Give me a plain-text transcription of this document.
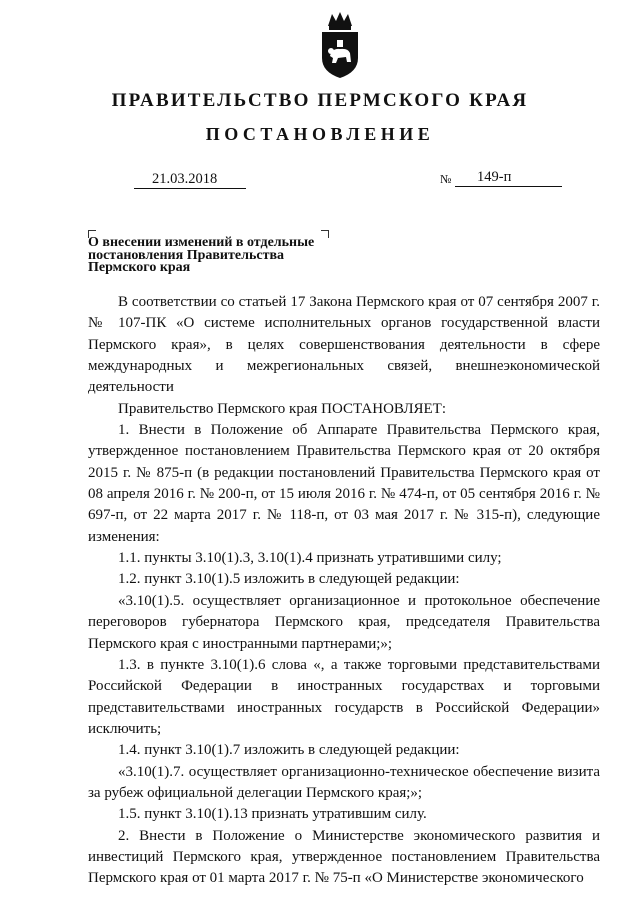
ПРАВИТЕЛЬСТВО ПЕРМСКОГО КРАЯ
ПОСТАНОВЛЕНИЕ
21.03.2018	№	149-п
О внесении изменений в отдельные постановления Правительства Пермского края

В соответствии со статьей 17 Закона Пермского края от 07 сентября 2007 г. № 107-ПК «О системе исполнительных органов государственной власти Пермского края», в целях совершенствования деятельности в сфере международных и межрегиональных связей, внешнеэкономической деятельности

Правительство Пермского края ПОСТАНОВЛЯЕТ:

1. Внести в Положение об Аппарате Правительства Пермского края, утвержденное постановлением Правительства Пермского края от 20 октября 2015 г. № 875-п (в редакции постановлений Правительства Пермского края от 08 апреля 2016 г. № 200-п, от 15 июля 2016 г. № 474-п, от 05 сентября 2016 г. № 697-п, от 22 марта 2017 г. № 118-п, от 03 мая 2017 г. № 315-п), следующие изменения:

1.1. пункты 3.10(1).3, 3.10(1).4 признать утратившими силу;

1.2. пункт 3.10(1).5 изложить в следующей редакции:

«3.10(1).5. осуществляет организационное и протокольное обеспечение переговоров губернатора Пермского края, председателя Правительства Пермского края с иностранными партнерами;»;

1.3. в пункте 3.10(1).6 слова «, а также торговыми представительствами Российской Федерации в иностранных государствах и торговыми представительствами иностранных государств в Российской Федерации» исключить;

1.4. пункт 3.10(1).7 изложить в следующей редакции:

«3.10(1).7. осуществляет организационно-техническое обеспечение визита за рубеж официальной делегации Пермского края;»;

1.5. пункт 3.10(1).13 признать утратившим силу.

2. Внести в Положение о Министерстве экономического развития и инвестиций Пермского края, утвержденное постановлением Правительства Пермского края от 01 марта 2017 г. № 75-п «О Министерстве экономического
